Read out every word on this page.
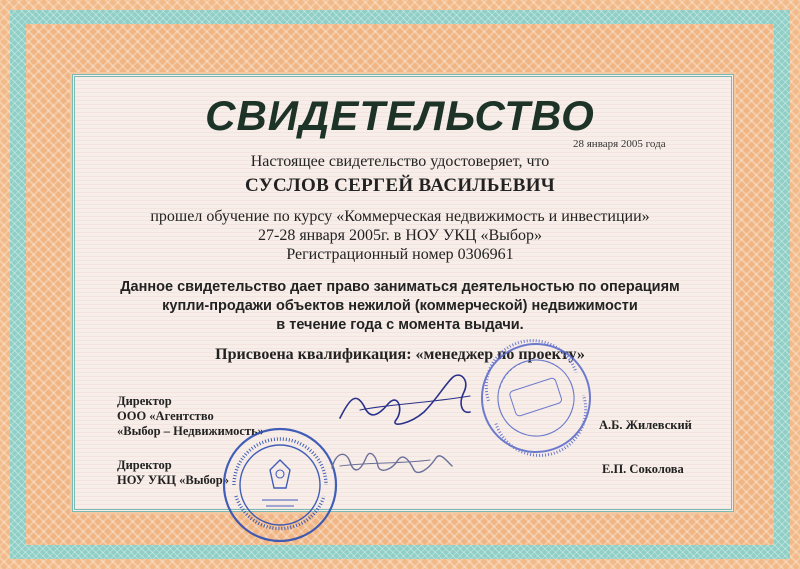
СВИДЕТЕЛЬСТВО
28 января 2005 года
Настоящее свидетельство удостоверяет, что
СУСЛОВ СЕРГЕЙ ВАСИЛЬЕВИЧ
прошел обучение по курсу «Коммерческая недвижимость и инвестиции»
27-28 января 2005г. в НОУ УКЦ «Выбор»
Регистрационный номер 0306961
Данное свидетельство дает право заниматься деятельностью по операциям
купли-продажи объектов нежилой (коммерческой) недвижимости
в течение года с момента выдачи.
Присвоена квалификация: «менеджер по проекту»
Директор
ООО «Агентство
«Выбор – Недвижимость»	А.Б. Жилевский
Директор
НОУ УКЦ «Выбор»
Е.П. Соколова
